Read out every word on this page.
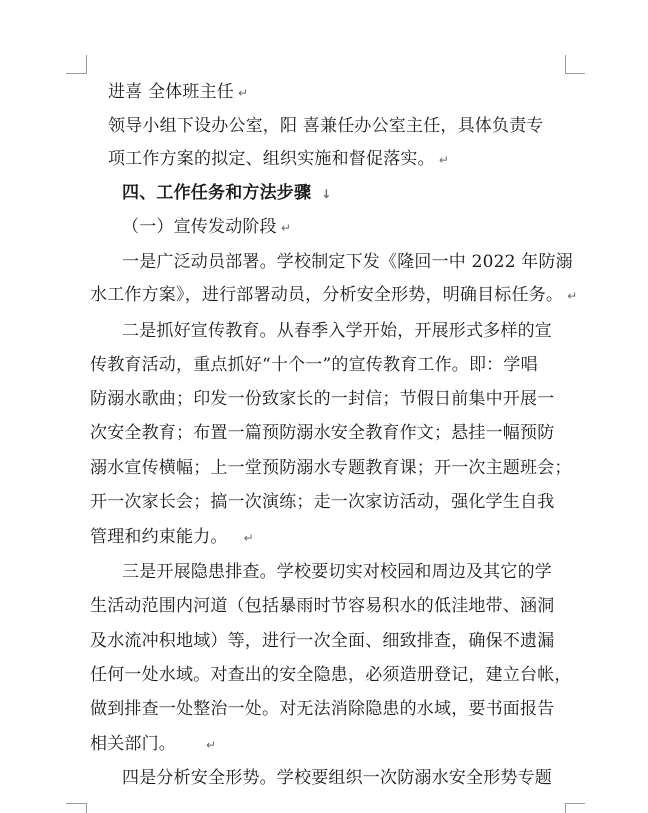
进喜 全体班主任 ↵
领导小组下设办公室，阳 喜兼任办公室主任，具体负责专
项工作方案的拟定、组织实施和督促落实。 ↵
四、工作任务和方法步骤 ↓
（一）宣传发动阶段 ↵
一是广泛动员部署。学校制定下发《隆回一中 2022 年防溺
水工作方案》，进行部署动员，分析安全形势，明确目标任务。 ↵
二是抓好宣传教育。从春季入学开始，开展形式多样的宣
传教育活动，重点抓好“十个一”的宣传教育工作。即：学唱
防溺水歌曲；印发一份致家长的一封信；节假日前集中开展一
次安全教育；布置一篇预防溺水安全教育作文；悬挂一幅预防
溺水宣传横幅；上一堂预防溺水专题教育课；开一次主题班会；
开一次家长会；搞一次演练；走一次家访活动，强化学生自我
管理和约束能力。 ↵
三是开展隐患排查。学校要切实对校园和周边及其它的学
生活动范围内河道（包括暴雨时节容易积水的低洼地带、涵洞
及水流冲积地域）等，进行一次全面、细致排查，确保不遗漏
任何一处水域。对查出的安全隐患，必须造册登记，建立台帐，
做到排查一处整治一处。对无法消除隐患的水域，要书面报告
相关部门。	↵
四是分析安全形势。学校要组织一次防溺水安全形势专题
